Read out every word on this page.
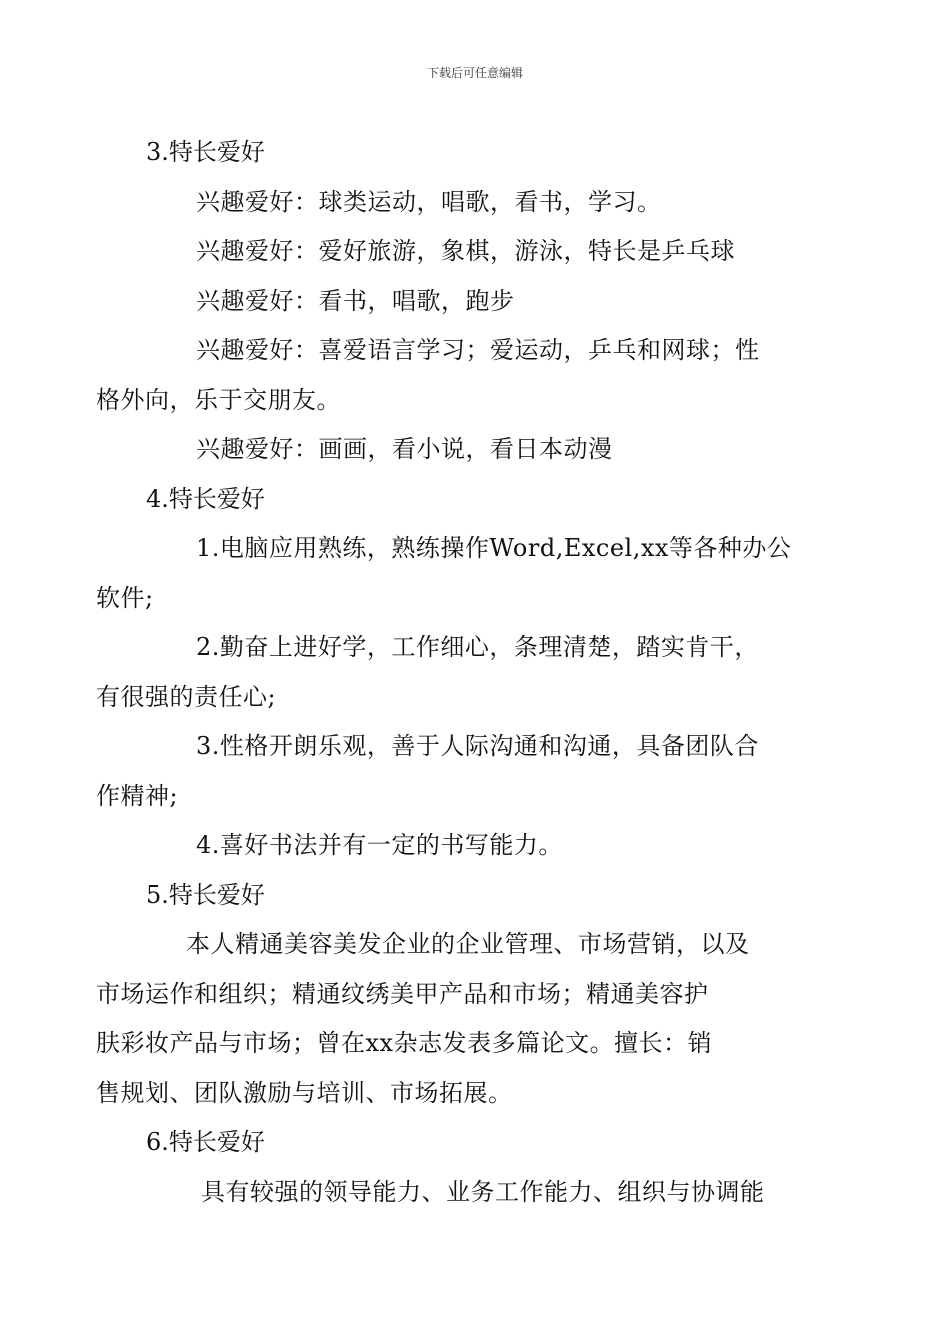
下载后可任意编辑
3.特长爱好
兴趣爱好：球类运动，唱歌，看书，学习。
兴趣爱好：爱好旅游，象棋，游泳，特长是乒乓球
兴趣爱好：看书，唱歌，跑步
兴趣爱好：喜爱语言学习；爱运动，乒乓和网球；性
格外向，乐于交朋友。
兴趣爱好：画画，看小说，看日本动漫
4.特长爱好
1.电脑应用熟练，熟练操作Word,Excel,xx等各种办公
软件;
2.勤奋上进好学，工作细心，条理清楚，踏实肯干，
有很强的责任心;
3.性格开朗乐观，善于人际沟通和沟通，具备团队合
作精神;
4.喜好书法并有一定的书写能力。
5.特长爱好
本人精通美容美发企业的企业管理、市场营销，以及
市场运作和组织；精通纹绣美甲产品和市场；精通美容护
肤彩妆产品与市场；曾在xx杂志发表多篇论文。擅长：销
售规划、团队激励与培训、市场拓展。
6.特长爱好
具有较强的领导能力、业务工作能力、组织与协调能
